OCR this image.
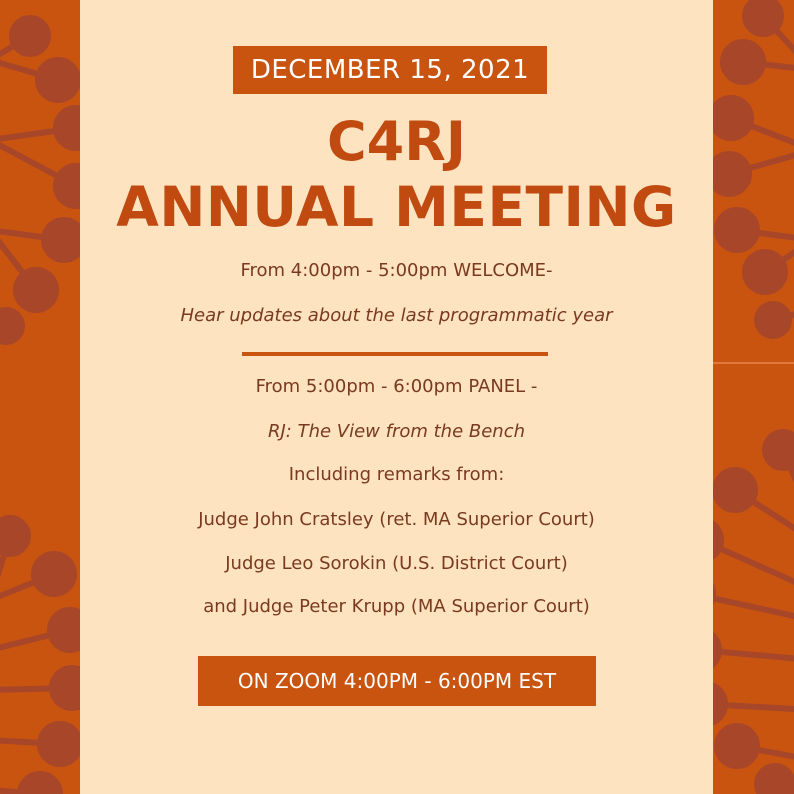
DECEMBER 15, 2021
C4RJ
ANNUAL MEETING
From 4:00pm - 5:00pm WELCOME-
Hear updates about the last programmatic year
From 5:00pm - 6:00pm PANEL -
RJ: The View from the Bench
Including remarks from:
Judge John Cratsley (ret. MA Superior Court)
Judge Leo Sorokin (U.S. District Court)
and Judge Peter Krupp (MA Superior Court)
ON ZOOM 4:00PM - 6:00PM EST
